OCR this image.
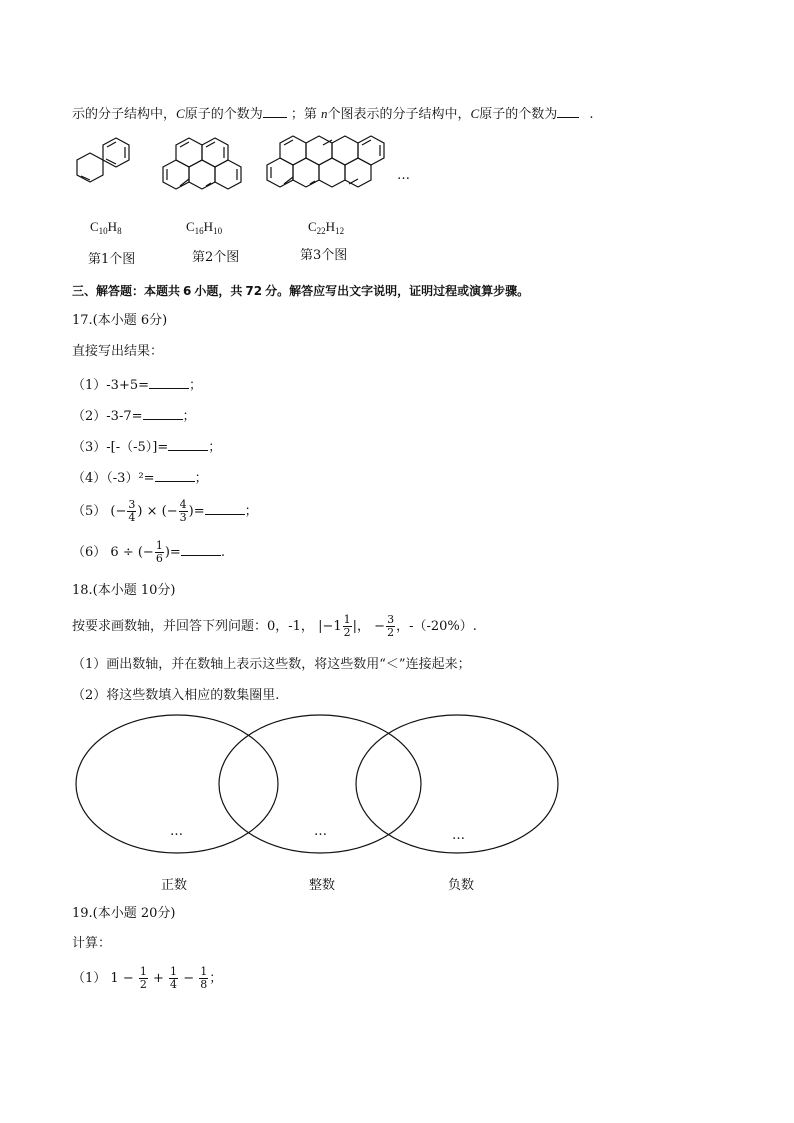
示的分子结构中，C原子的个数为 ；第 n个图表示的分子结构中，C原子的个数为 .
$C_{10}H_8$
第1个图
$C_{16}H_{10}$
第2个图
…
$C_{22}H_{12}$
第3个图
三、解答题：本题共 6 小题，共 72 分。解答应写出文字说明，证明过程或演算步骤。
17.(本小题 6分)
直接写出结果：
（1）-3+5=	；
（2）-3-7=	；
（3）-[-（-5）]=	；
（4）（-3）²=	；
（5） (− $\frac{3}{4}$ ) × (− $\frac{4}{3}$ )=	；
（6） 6 ÷ (− $\frac{1}{6}$ )=	.
18.(本小题 10分)
按要求画数轴，并回答下列问题：0，-1， $|-1 \frac{1}{2}$ |， − $\frac{3}{2}$ ，-（-20%）.
（1）画出数轴，并在数轴上表示这些数，将这些数用“＜”连接起来；
（2）将这些数填入相应的数集圈里.
…	…	…
正数	整数	负数
19.(本小题 20分)
计算：
（1） $1 - \frac{1}{2} + \frac{1}{4} - \frac{1}{8}$ ；
